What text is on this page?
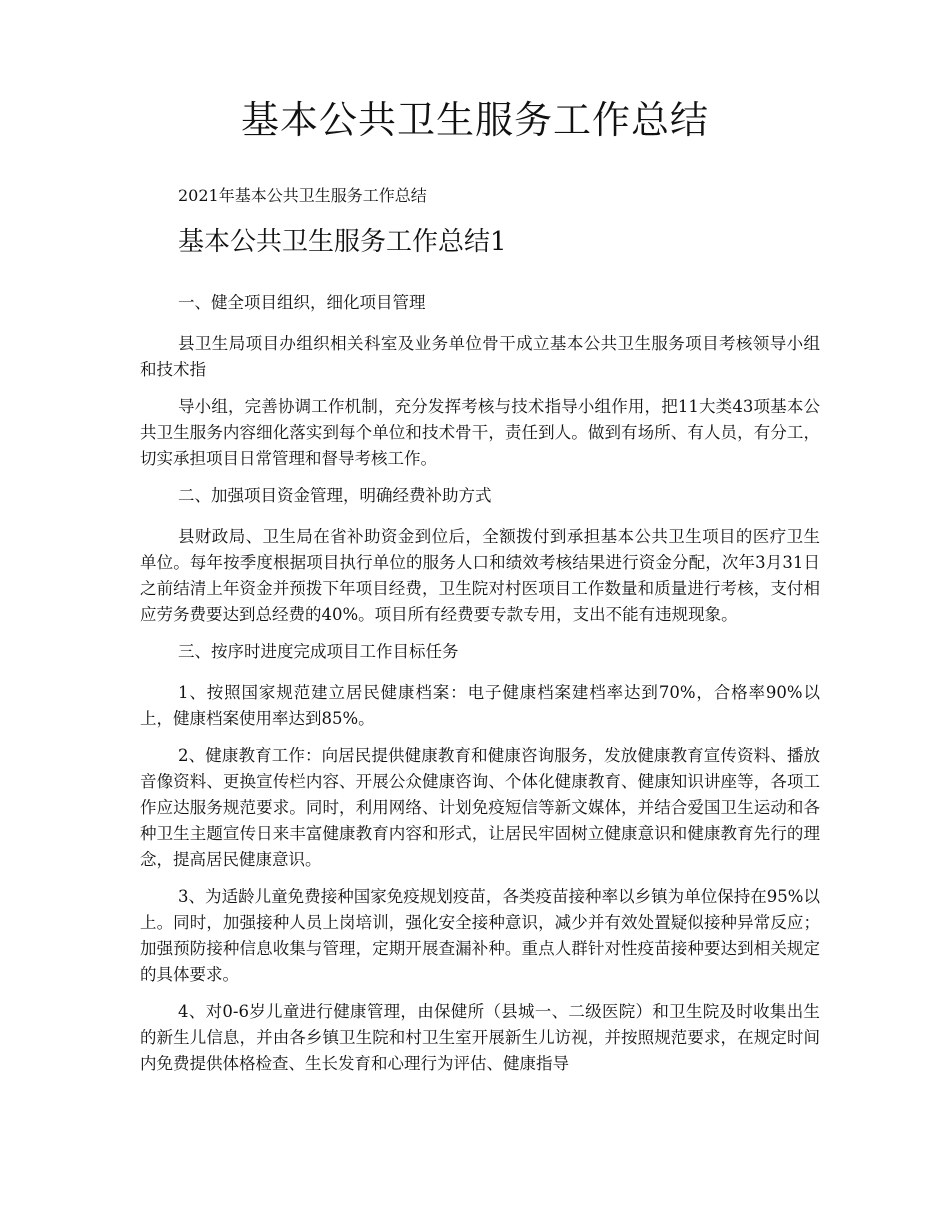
基本公共卫生服务工作总结

2021年基本公共卫生服务工作总结

基本公共卫生服务工作总结1

一、健全项目组织，细化项目管理

县卫生局项目办组织相关科室及业务单位骨干成立基本公共卫生服务项目考核领导小组和技术指

导小组，完善协调工作机制，充分发挥考核与技术指导小组作用，把11大类43项基本公共卫生服务内容细化落实到每个单位和技术骨干，责任到人。做到有场所、有人员，有分工，切实承担项目日常管理和督导考核工作。

二、加强项目资金管理，明确经费补助方式

县财政局、卫生局在省补助资金到位后，全额拨付到承担基本公共卫生项目的医疗卫生单位。每年按季度根据项目执行单位的服务人口和绩效考核结果进行资金分配，次年3月31日之前结清上年资金并预拨下年项目经费，卫生院对村医项目工作数量和质量进行考核，支付相应劳务费要达到总经费的40%。项目所有经费要专款专用，支出不能有违规现象。

三、按序时进度完成项目工作目标任务

1、按照国家规范建立居民健康档案：电子健康档案建档率达到70%，合格率90%以上，健康档案使用率达到85%。

2、健康教育工作：向居民提供健康教育和健康咨询服务，发放健康教育宣传资料、播放音像资料、更换宣传栏内容、开展公众健康咨询、个体化健康教育、健康知识讲座等，各项工作应达服务规范要求。同时，利用网络、计划免疫短信等新文媒体，并结合爱国卫生运动和各种卫生主题宣传日来丰富健康教育内容和形式，让居民牢固树立健康意识和健康教育先行的理念，提高居民健康意识。

3、为适龄儿童免费接种国家免疫规划疫苗，各类疫苗接种率以乡镇为单位保持在95%以上。同时，加强接种人员上岗培训，强化安全接种意识，减少并有效处置疑似接种异常反应；加强预防接种信息收集与管理，定期开展查漏补种。重点人群针对性疫苗接种要达到相关规定的具体要求。

4、对0-6岁儿童进行健康管理，由保健所（县城一、二级医院）和卫生院及时收集出生的新生儿信息，并由各乡镇卫生院和村卫生室开展新生儿访视，并按照规范要求，在规定时间内免费提供体格检查、生长发育和心理行为评估、健康指导
